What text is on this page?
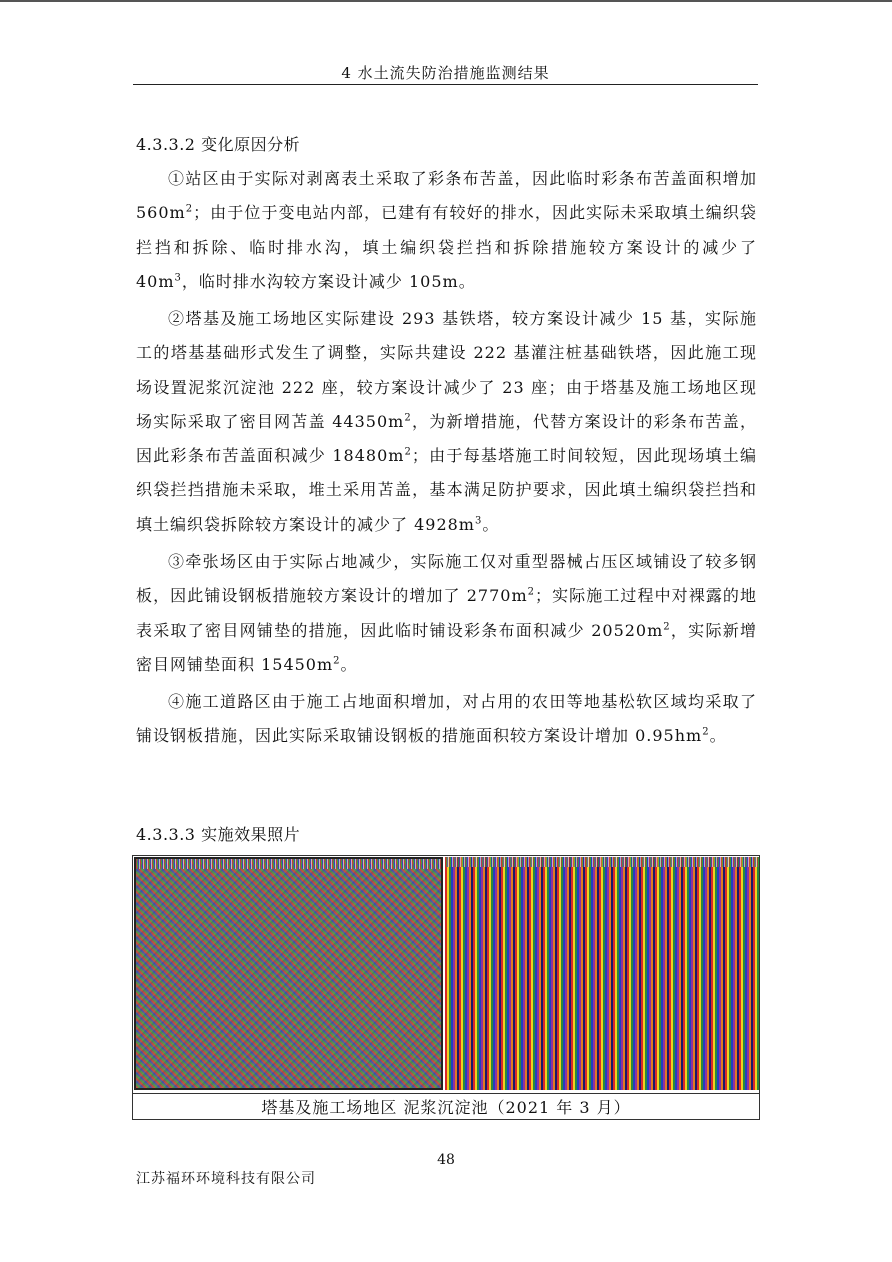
4 水土流失防治措施监测结果
4.3.3.2 变化原因分析

①站区由于实际对剥离表土采取了彩条布苦盖，因此临时彩条布苦盖面积增加 $560m^2$；由于位于变电站内部，已建有有较好的排水，因此实际未采取填土编织袋拦挡和拆除、临时排水沟，填土编织袋拦挡和拆除措施较方案设计的减少了 $40m^3$，临时排水沟较方案设计减少 105m。

②塔基及施工场地区实际建设 293 基铁塔，较方案设计减少 15 基，实际施工的塔基基础形式发生了调整，实际共建设 222 基灌注桩基础铁塔，因此施工现场设置泥浆沉淀池 222 座，较方案设计减少了 23 座；由于塔基及施工场地区现场实际采取了密目网苫盖 $44350m^2$，为新增措施，代替方案设计的彩条布苦盖，因此彩条布苦盖面积减少 $18480m^2$；由于每基塔施工时间较短，因此现场填土编织袋拦挡措施未采取，堆土采用苫盖，基本满足防护要求，因此填土编织袋拦挡和填土编织袋拆除较方案设计的减少了 $4928m^3$。

③牵张场区由于实际占地减少，实际施工仅对重型器械占压区域铺设了较多钢板，因此铺设钢板措施较方案设计的增加了 $2770m^2$；实际施工过程中对裸露的地表采取了密目网铺垫的措施，因此临时铺设彩条布面积减少 $20520m^2$，实际新增密目网铺垫面积 $15450m^2$。

④施工道路区由于施工占地面积增加，对占用的农田等地基松软区域均采取了铺设钢板措施，因此实际采取铺设钢板的措施面积较方案设计增加 $0.95hm^2$。

4.3.3.3 实施效果照片
塔基及施工场地区 泥浆沉淀池（2021 年 3 月）
48
江苏福环环境科技有限公司
